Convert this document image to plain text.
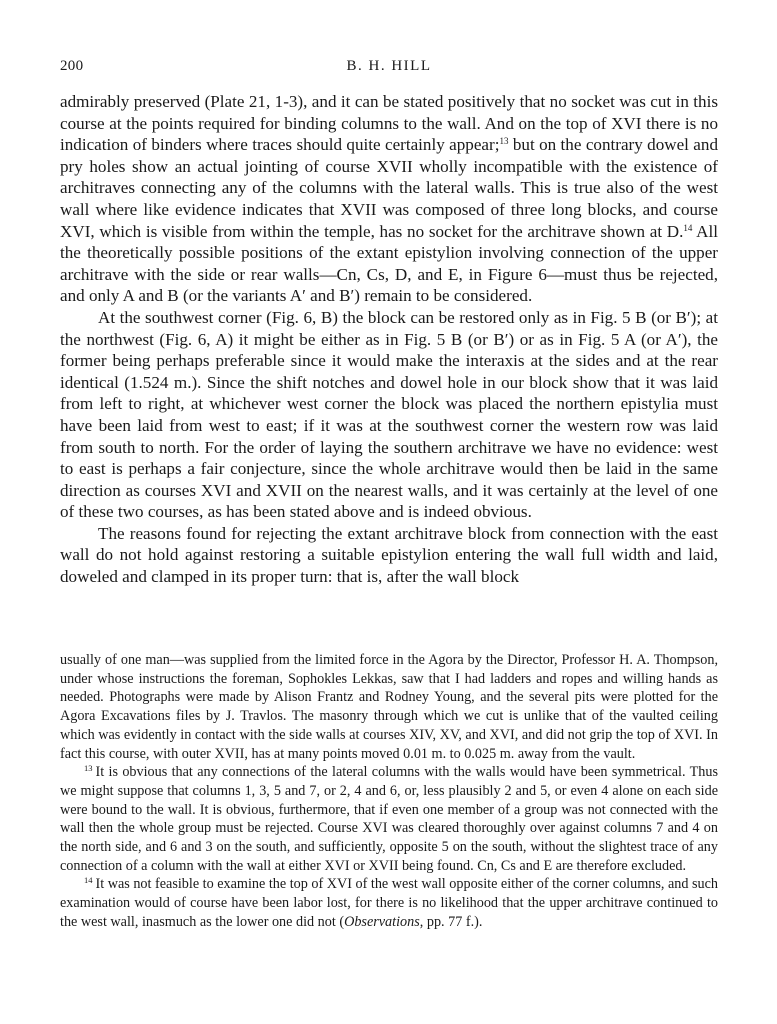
200	B. H. HILL

admirably preserved (Plate 21, 1-3), and it can be stated positively that no socket was cut in this course at the points required for binding columns to the wall. And on the top of XVI there is no indication of binders where traces should quite certainly appear;$^{13}$ but on the contrary dowel and pry holes show an actual jointing of course XVII wholly incompatible with the existence of architraves connecting any of the columns with the lateral walls. This is true also of the west wall where like evidence indicates that XVII was composed of three long blocks, and course XVI, which is visible from within the temple, has no socket for the architrave shown at D.$^{14}$ All the theoretically possible positions of the extant epistylion involving connection of the upper architrave with the side or rear walls—Cn, Cs, D, and E, in Figure 6—must thus be rejected, and only A and B (or the variants A′ and B′) remain to be considered.

At the southwest corner (Fig. 6, B) the block can be restored only as in Fig. 5 B (or B′); at the northwest (Fig. 6, A) it might be either as in Fig. 5 B (or B′) or as in Fig. 5 A (or A′), the former being perhaps preferable since it would make the interaxis at the sides and at the rear identical (1.524 m.). Since the shift notches and dowel hole in our block show that it was laid from left to right, at whichever west corner the block was placed the northern epistylia must have been laid from west to east; if it was at the southwest corner the western row was laid from south to north. For the order of laying the southern architrave we have no evidence: west to east is perhaps a fair conjecture, since the whole architrave would then be laid in the same direction as courses XVI and XVII on the nearest walls, and it was certainly at the level of one of these two courses, as has been stated above and is indeed obvious.

The reasons found for rejecting the extant architrave block from connection with the east wall do not hold against restoring a suitable epistylion entering the wall full width and laid, doweled and clamped in its proper turn: that is, after the wall block

usually of one man—was supplied from the limited force in the Agora by the Director, Professor H. A. Thompson, under whose instructions the foreman, Sophokles Lekkas, saw that I had ladders and ropes and willing hands as needed. Photographs were made by Alison Frantz and Rodney Young, and the several pits were plotted for the Agora Excavations files by J. Travlos. The masonry through which we cut is unlike that of the vaulted ceiling which was evidently in contact with the side walls at courses XIV, XV, and XVI, and did not grip the top of XVI. In fact this course, with outer XVII, has at many points moved 0.01 m. to 0.025 m. away from the vault.

$^{13}$ It is obvious that any connections of the lateral columns with the walls would have been symmetrical. Thus we might suppose that columns 1, 3, 5 and 7, or 2, 4 and 6, or, less plausibly 2 and 5, or even 4 alone on each side were bound to the wall. It is obvious, furthermore, that if even one member of a group was not connected with the wall then the whole group must be rejected. Course XVI was cleared thoroughly over against columns 7 and 4 on the north side, and 6 and 3 on the south, and sufficiently, opposite 5 on the south, without the slightest trace of any connection of a column with the wall at either XVI or XVII being found. Cn, Cs and E are therefore excluded.

$^{14}$ It was not feasible to examine the top of XVI of the west wall opposite either of the corner columns, and such examination would of course have been labor lost, for there is no likelihood that the upper architrave continued to the west wall, inasmuch as the lower one did not (Observations, pp. 77 f.).
